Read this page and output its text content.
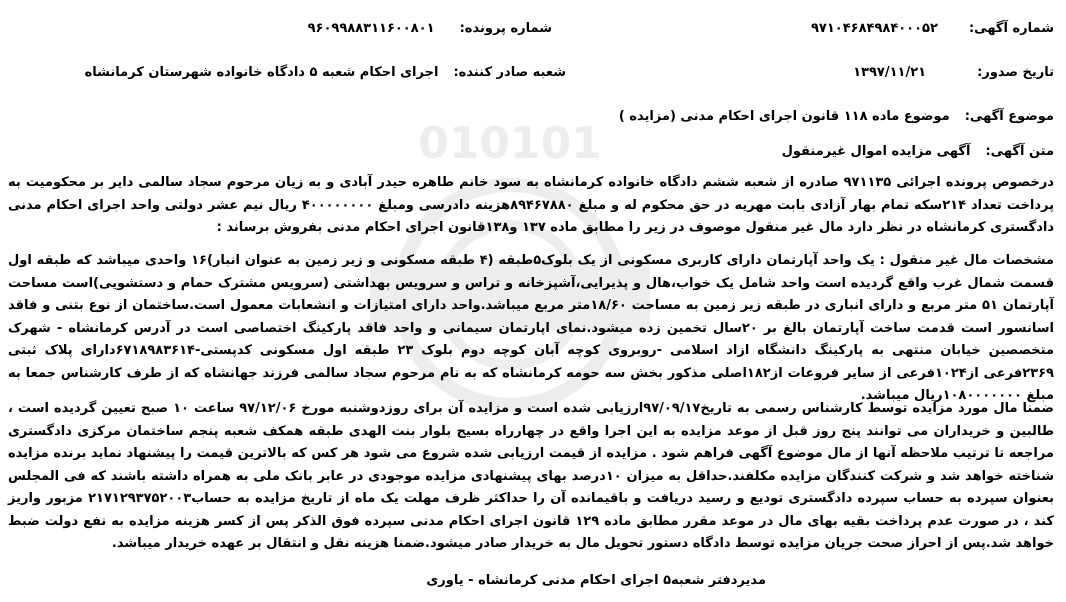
010101
شماره آگهی:  ۹۷۱۰۴۶۸۴۹۸۴۰۰۰۵۲
شماره پرونده:  ۹۶۰۹۹۸۸۳۱۱۶۰۰۸۰۱
تاریخ صدور:  ۱۳۹۷/۱۱/۲۱
شعبه صادر کننده:  اجرای احکام شعبه ۵ دادگاه خانواده شهرستان کرمانشاه
موضوع آگهی:  موضوع ماده ۱۱۸ قانون اجرای احکام مدنی (مزایده )
متن آگهی:  آگهی مزایده اموال غیرمنقول

درخصوص پرونده اجرائی ۹۷۱۱۳۵ صادره از شعبه ششم دادگاه خانواده کرمانشاه به سود خانم طاهره حیدر آبادی و به زیان مرحوم سجاد سالمی دایر بر محکومیت به پرداخت تعداد ۲۱۴سکه تمام بهار آزادی بابت مهریه در حق محکوم له و مبلغ ۸۹۴۶۷۸۸۰هزینه دادرسی ومبلغ ۴۰۰۰۰۰۰۰۰ ریال نیم عشر دولتی واحد اجرای احکام مدنی دادگستری کرمانشاه در نظر دارد مال غیر منقول موصوف در زیر را مطابق ماده ۱۳۷ و۱۳۸قانون اجرای احکام مدنی بفروش برساند :

مشخصات مال غیر منقول : یک واحد آپارتمان دارای کاربری مسکونی از یک بلوک۵طبقه (۴ طبقه مسکونی و زیر زمین به عنوان انبار)۱۶ واحدی میباشد که طبقه اول قسمت شمال غرب واقع گردیده است واحد شامل یک خواب،هال و پذیرایی،آشپزخانه و تراس و سرویس بهداشتی (سرویس مشترک حمام و دستشویی)است مساحت آپارتمان ۵۱ متر مربع و دارای انباری در طبقه زیر زمین به مساحت ۱۸/۶۰متر مربع میباشد.واحد دارای امتیازات و انشعابات معمول است.ساختمان از نوع بتنی و فاقد اسانسور است قدمت ساخت آپارتمان بالغ بر ۲۰سال تخمین زده میشود.نمای اپارتمان سیمانی و واحد فاقد پارکینگ اختصاصی است در آدرس کرمانشاه - شهرک متخصصین خیابان منتهی به پارکینگ دانشگاه ازاد اسلامی -روبروی کوچه آبان کوچه دوم بلوک ۲۳ طبقه اول مسکونی کدپستی-۶۷۱۸۹۸۳۶۱۴دارای پلاک ثبتی ۲۳۶۹فرعی از۱۰۲۴فرعی از سایر فروعات از۱۸۲اصلی مذکور بخش سه حومه کرمانشاه که به نام مرحوم سجاد سالمی فرزند جهانشاه که از طرف کارشناس جمعا به مبلغ ۱۰۸۰۰۰۰۰۰۰ریال میباشد.

ضمنا مال مورد مزایده توسط کارشناس رسمی به تاریخ۹۷/۰۹/۱۷ارزیابی شده است و مزایده آن برای روزدوشنبه مورخ ۹۷/۱۲/۰۶ ساعت ۱۰ صبح تعیین گردیده است ، طالبین و خریداران می توانند پنج روز قبل از موعد مزایده به این اجرا واقع در چهارراه بسیج بلوار بنت الهدی طبقه همکف شعبه پنجم ساختمان مرکزی دادگستری مراجعه تا ترتیب ملاحظه آنها از مال موضوع آگهی فراهم شود . مزایده از قیمت ارزیابی شده شروع می شود هر کس که بالاترین قیمت را پیشنهاد نماید برنده مزایده شناخته خواهد شد و شرکت کنندگان مزایده مکلفند.حداقل به میزان ۱۰درصد بهای پیشنهادی مزایده موجودی در عابر بانک ملی به همراه داشته باشند که فی المجلس بعنوان سپرده به حساب سپرده دادگستری تودیع و رسید دریافت و باقیمانده آن را حداکثر ظرف مهلت یک ماه از تاریخ مزایده به حساب۲۱۷۱۲۹۳۷۵۲۰۰۳ مزبور واریز کند ، در صورت عدم پرداخت بقیه بهای مال در موعد مقرر مطابق ماده ۱۲۹ قانون اجرای احکام مدنی سپرده فوق الذکر پس از کسر هزینه مزایده به نفع دولت ضبط خواهد شد.پس از احراز صحت جریان مزایده توسط دادگاه دستور تحویل مال به خریدار صادر میشود.ضمنا هزینه نقل و انتقال بر عهده خریدار میباشد.

مدیردفتر شعبه۵ اجرای احکام مدنی کرمانشاه - یاوری
